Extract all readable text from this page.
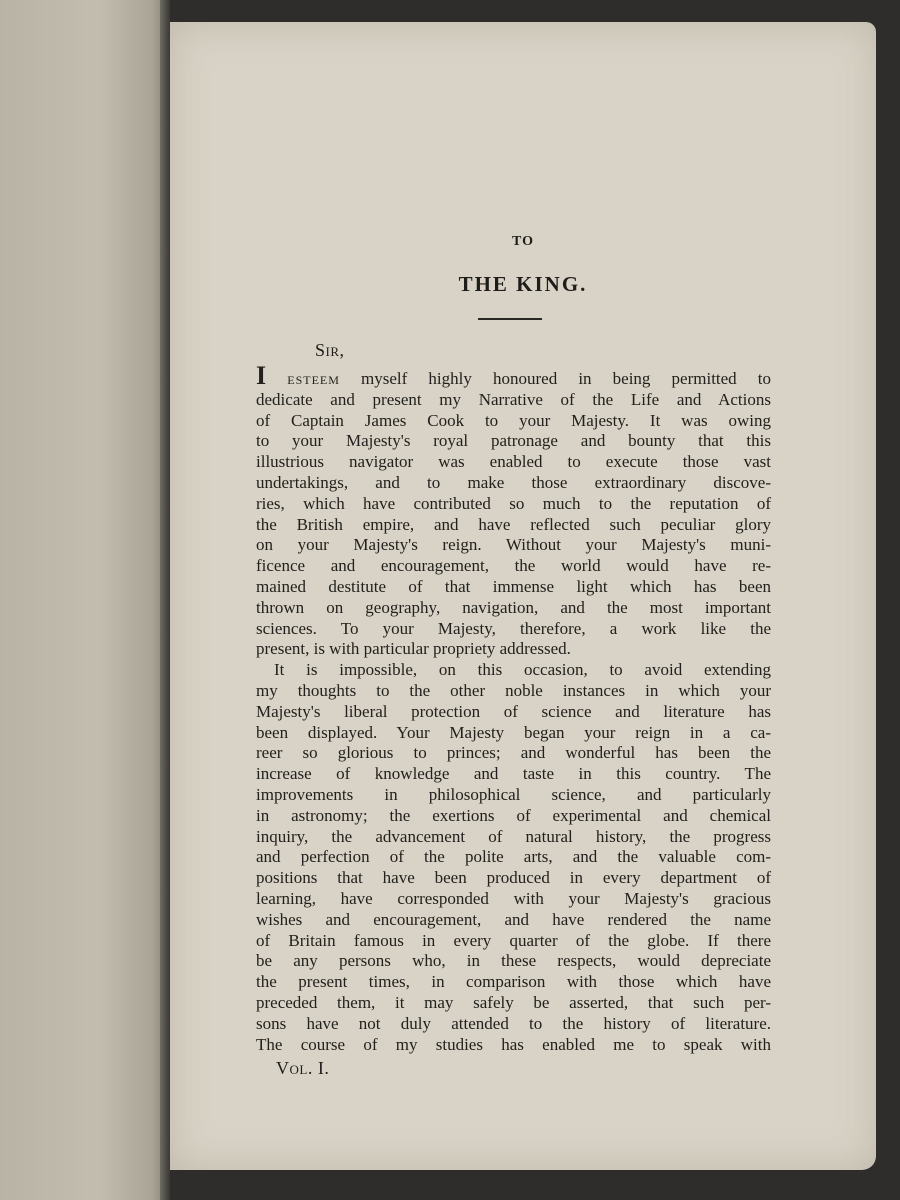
TO
THE KING.
Sir,
I esteem myself highly honoured in being permitted to
dedicate and present my Narrative of the Life and Actions
of Captain James Cook to your Majesty. It was owing
to your Majesty's royal patronage and bounty that this
illustrious navigator was enabled to execute those vast
undertakings, and to make those extraordinary discove-
ries, which have contributed so much to the reputation of
the British empire, and have reflected such peculiar glory
on your Majesty's reign. Without your Majesty's muni-
ficence and encouragement, the world would have re-
mained destitute of that immense light which has been
thrown on geography, navigation, and the most important
sciences. To your Majesty, therefore, a work like the
present, is with particular propriety addressed.
It is impossible, on this occasion, to avoid extending
my thoughts to the other noble instances in which your
Majesty's liberal protection of science and literature has
been displayed. Your Majesty began your reign in a ca-
reer so glorious to princes; and wonderful has been the
increase of knowledge and taste in this country. The
improvements in philosophical science, and particularly
in astronomy; the exertions of experimental and chemical
inquiry, the advancement of natural history, the progress
and perfection of the polite arts, and the valuable com-
positions that have been produced in every department of
learning, have corresponded with your Majesty's gracious
wishes and encouragement, and have rendered the name
of Britain famous in every quarter of the globe. If there
be any persons who, in these respects, would depreciate
the present times, in comparison with those which have
preceded them, it may safely be asserted, that such per-
sons have not duly attended to the history of literature.
The course of my studies has enabled me to speak with
Vol. I.
